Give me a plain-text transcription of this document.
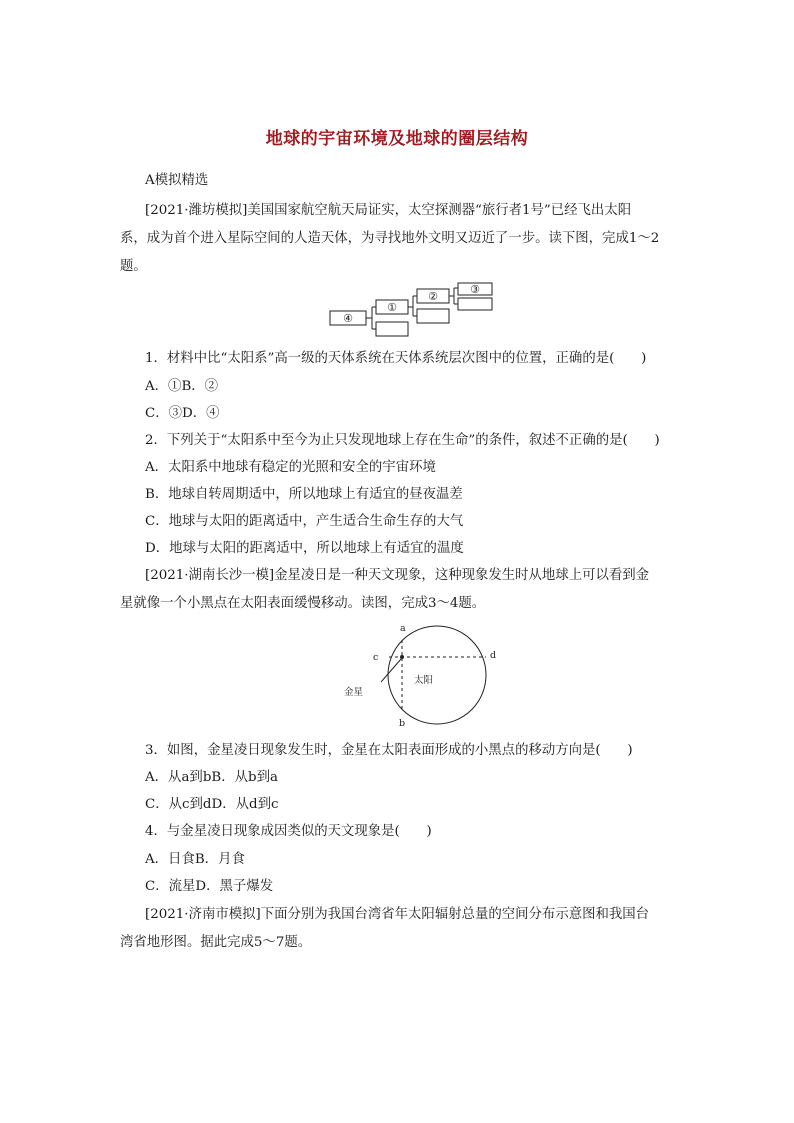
地球的宇宙环境及地球的圈层结构
A模拟精选
[2021·潍坊模拟]美国国家航空航天局证实，太空探测器“旅行者1号”已经飞出太阳
系，成为首个进入星际空间的人造天体，为寻找地外文明又迈近了一步。读下图，完成1～2
题。
④
①
②
③
1．材料中比“太阳系”高一级的天体系统在天体系统层次图中的位置，正确的是(　　)
A．①B．②
C．③D．④
2．下列关于“太阳系中至今为止只发现地球上存在生命”的条件，叙述不正确的是(　　)
A．太阳系中地球有稳定的光照和安全的宇宙环境
B．地球自转周期适中，所以地球上有适宜的昼夜温差
C．地球与太阳的距离适中，产生适合生命生存的大气
D．地球与太阳的距离适中，所以地球上有适宜的温度
[2021·湖南长沙一模]金星凌日是一种天文现象，这种现象发生时从地球上可以看到金
星就像一个小黑点在太阳表面缓慢移动。读图，完成3～4题。
a
b
c	d
金星
太阳
3．如图，金星凌日现象发生时，金星在太阳表面形成的小黑点的移动方向是(　　)
A．从a到bB．从b到a
C．从c到dD．从d到c
4．与金星凌日现象成因类似的天文现象是(　　)
A．日食B．月食
C．流星D．黑子爆发
[2021·济南市模拟]下面分别为我国台湾省年太阳辐射总量的空间分布示意图和我国台
湾省地形图。据此完成5～7题。
